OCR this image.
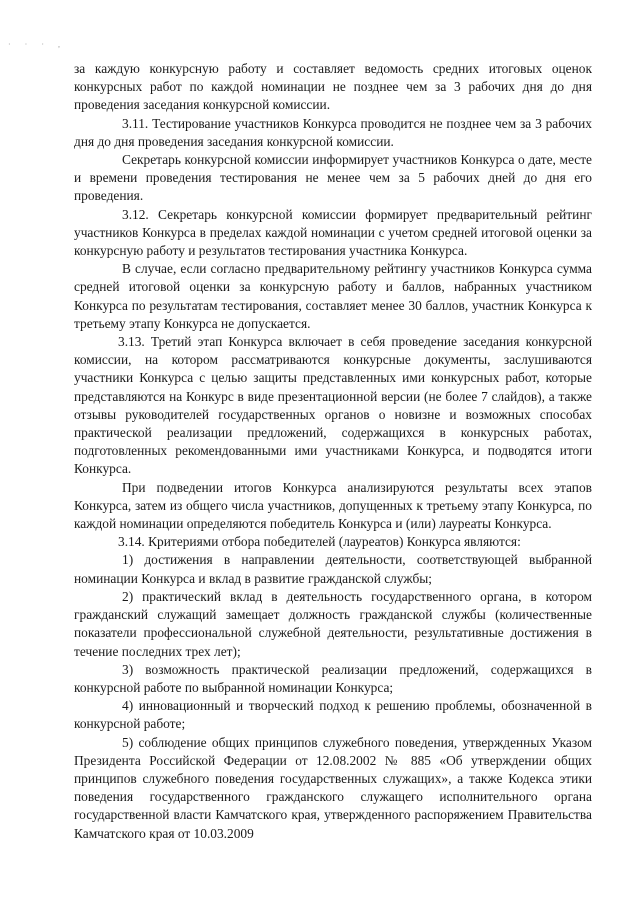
· · · ,

за каждую конкурсную работу и составляет ведомость средних итоговых оценок конкурсных работ по каждой номинации не позднее чем за 3 рабочих дня до дня проведения заседания конкурсной комиссии.

3.11. Тестирование участников Конкурса проводится не позднее чем за 3 рабочих дня до дня проведения заседания конкурсной комиссии.

Секретарь конкурсной комиссии информирует участников Конкурса о дате, месте и времени проведения тестирования не менее чем за 5 рабочих дней до дня его проведения.

3.12. Секретарь конкурсной комиссии формирует предварительный рейтинг участников Конкурса в пределах каждой номинации с учетом средней итоговой оценки за конкурсную работу и результатов тестирования участника Конкурса.

В случае, если согласно предварительному рейтингу участников Конкурса сумма средней итоговой оценки за конкурсную работу и баллов, набранных участником Конкурса по результатам тестирования, составляет менее 30 баллов, участник Конкурса к третьему этапу Конкурса не допускается.

3.13. Третий этап Конкурса включает в себя проведение заседания конкурсной комиссии, на котором рассматриваются конкурсные документы, заслушиваются участники Конкурса с целью защиты представленных ими конкурсных работ, которые представляются на Конкурс в виде презентационной версии (не более 7 слайдов), а также отзывы руководителей государственных органов о новизне и возможных способах практической реализации предложений, содержащихся в конкурсных работах, подготовленных рекомендованными ими участниками Конкурса, и подводятся итоги Конкурса.

При подведении итогов Конкурса анализируются результаты всех этапов Конкурса, затем из общего числа участников, допущенных к третьему этапу Конкурса, по каждой номинации определяются победитель Конкурса и (или) лауреаты Конкурса.

3.14. Критериями отбора победителей (лауреатов) Конкурса являются:

1) достижения в направлении деятельности, соответствующей выбранной номинации Конкурса и вклад в развитие гражданской службы;

2) практический вклад в деятельность государственного органа, в котором гражданский служащий замещает должность гражданской службы (количественные показатели профессиональной служебной деятельности, результативные достижения в течение последних трех лет);

3) возможность практической реализации предложений, содержащихся в конкурсной работе по выбранной номинации Конкурса;

4) инновационный и творческий подход к решению проблемы, обозначенной в конкурсной работе;

5) соблюдение общих принципов служебного поведения, утвержденных Указом Президента Российской Федерации от 12.08.2002 № 885 «Об утверждении общих принципов служебного поведения государственных служащих», а также Кодекса этики поведения государственного гражданского служащего исполнительного органа государственной власти Камчатского края, утвержденного распоряжением Правительства Камчатского края от 10.03.2009
